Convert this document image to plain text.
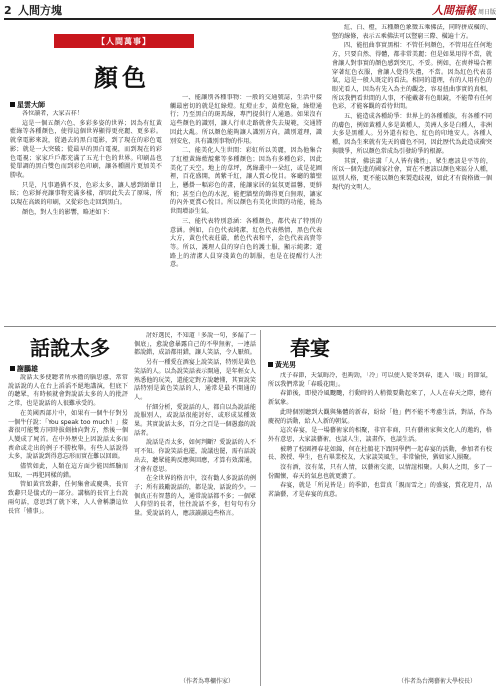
2 人間方塊	人間福報 周日版
【人間萬事】
顏色
星雲大師

各位讀者，大家吉祥！

這是一個五顏六色、多彩多姿的世界；因為有紅黃藍綠等各種顏色，使得這個世界顯得更亮麗、更多彩。就拿電影來說，從過去的黑白電影，到了現在的彩色電影；就是一大突破；從最早的黑白電視，而到現在的彩色電視；家家戶戶都充滿了五光十色的世界。印刷品也從單調的黑白雙色而到彩色印刷，讓各種圖片更加美不勝收。

只是，凡事過猶不及，色彩太多，讓人感到頭暈目眩；色彩鮮亮讓事物充滿多樣，卻因此失去了原味，所以現在高級的印刷，又從彩色走回到黑白。

顏色，對人生的影響，略述如下：

一、能讓別各種事物：一般的交通號誌，生活中接觸最密切的就是紅綠燈。紅燈止步，黃燈危險，綠燈通行；乃至黑白的斑馬線，專門提供行人通過。如果沒有這些顏色的識別，讓人行車走路就會失去規範，交通將因此大亂。所以顏色能夠讓人識別方向，識別道理，識別安危，具有識別事物的作用。

二、能美化人生世間：彩虹所以美麗，因為他集合了紅橙黃綠藍靛紫等多種顏色；因為有多種色彩，因此美化了天空。地上的草坪，萬綠叢中一朵紅，或是花圃裡，百花盛開，萬紫千紅，讓人賞心悅目。客廳的牆壁上，懸掛一幅彩色的畫，能讓家居的氣氛更溫馨，更鮮和；甚至白色的水泥，能把牆壁的飾得更白無瑕，讓家的內外更賞心悅目。所以顏色有美化世間的功能，能為世間增添生氣。

三、能代表特別意涵：各種顏色，都代表了特別的意涵。例如，白色代表純潔，紅色代表熱情，黑色代表大方，黃色代表莊嚴，藍色代表和平，金色代表高貴等等。所以，護理人員的穿白色的護士服，顯示純潔；道路上的清潔人員穿淺黃色的制服，也是在提醒行人注意。

紅、白、橙，五種顏色象徵五乘佛法，同時拼成橫的、豎的線條，表示五乘佛法可以豎窮三際、橫遍十方。

四、能扭曲事實黑相：不管任何顏色，不管用在任何地方，只要自然、得體，都非常美麗；但是如果用得不當，就會讓人對事實的顏色感到突兀、不妥。例如，在喪葬場合裡穿著紅色衣服，會讓人覺得失禮，不當。因為紅色代表喜氣，這是一般人既定的看法。相同的道理，有的人用有色的眼光看人，因為有先入為主的觀念，容易扭曲事實的真相，所以我們看世間的人事，不能戴著有色眼鏡，不能帶有任何色彩，才能客觀的看待世間。

五、能造成各種紛爭：世界上的各種種族，有各種不同的膚色，例如黃種人多是黃種人，美洲人多是白種人，非洲大多是黑種人。另外還有棕色、紅色的印地安人。各種人種，因為生來就有先天的膚色不同，因此歷代為此造成衝突與戰爭，所以顏色常成為引發紛爭的根源。

其實，佛法講「人人皆有佛性」，眾生應該是平等的，所以一個先進的國家社會，實在不應該以顏色來區分人種，區別人格，更不能以顏色來製造歧視，如此才有資格做一個現代的文明人。

話說太多
謝鵬雄

說話太多使聽者所承擔的腦思慮，常常說話說的人在台上滔滔不絕地講演，但底下的聽眾，有時候就會對說話太多的人的批評之常，也是說話的人很難承受的。

在美國西部片中，如果有一個牛仔對另一個牛仔說：「You speak too much！」接著很可能雙方同時拔劍抽向對方，然後一個人變成了屍首。在中外歷史上因說話太多而喪命或走出的例子不勝枚舉。有些人話說得太多，說話說到得意忘形而實在難以回頭。

儘管如此，人類在這方面少能因經驗而知取，一再犯同樣的錯。

管如黃官致辭，任何集會或慶典，長官致辭只是儀式的一部分。講稿的長官上台說兩句話，意思到了就下來，人人會稱讚這位長官「懂事」。

討好選民，不知道「多說一句，多漏了一個底」，愈說愈暴露自己的不學無術，一連話都說錯，成語都用錯，讓人笑話，令人厭煩。

另有一種愛在酒宴上說笑話，特別是黃色笑話的人。以為說笑話表示開通，是年輕女人熟悉他的玩笑，還能定對方說聽懂，其實說笑話特別是黃色笑話的人，通常是最不開通的人。

仔細分析，愛說話的人，都自以為說話能說服別人，或說話很能討好、或形成某種效果。其實說話太多，百分之百是一個愚蠢的說話者。

說話是否太多，如何判斷？愛說話的人不可不知。你說笑話也罷，說議也罷，需有話說出去，聽眾能夠反應與回應，才算有效溝通，才會有意思。

在全世界的格言中，沒有勸人多說話的例子；所有鼓勵說話的，都是說，話說的少。一個真正有智慧的人，通常說話都不多；一個眾人仰望的長者，往往說話不多，但句句有分量。愛說話的人，應該讀讀這些格言。

（作者為專欄作家）
春宴
黃光男

戊子春節，天氣晦冷，也夠勁，「冷」可以使人從冬到春，進入「暖」的節氣，所以我們常說「春暖花開」。

春節後，即使冷風颼颼，行動時的人稍微要動起來了，人人在春天之際，總有新氣象。

此時個別聽到大觀與集體的新春，紛紛「他」們不能不考慮生活，對話，作為慶祝的活動，給人人新的朝氣。

這次春宴，是一場藝術家的相聚，非官非商，只有藝術家與文化人的邀約，格外有意思，大家談藝術，也談人生，談畫作，也談生活。

被聘了校園裡春花如錦，何在杜鵑花下跟同學們一起春宴的活動，參加者有校長、教授、學生，也有畢業校友，大家談笑風生，非常愉快，猶如家人團聚。

沒有酒，沒有菜，只有人情，以藝術交流，以情誼相聚。人與人之間，多了一份關懷，春天的氣息也就更濃了。

春宴，就是「所見皆是」的季節，也當真「親而雪之」的盛宴，賞花迎月，品茗論藝，才是春宴的真意。

（作者為台灣藝術大學校長）
